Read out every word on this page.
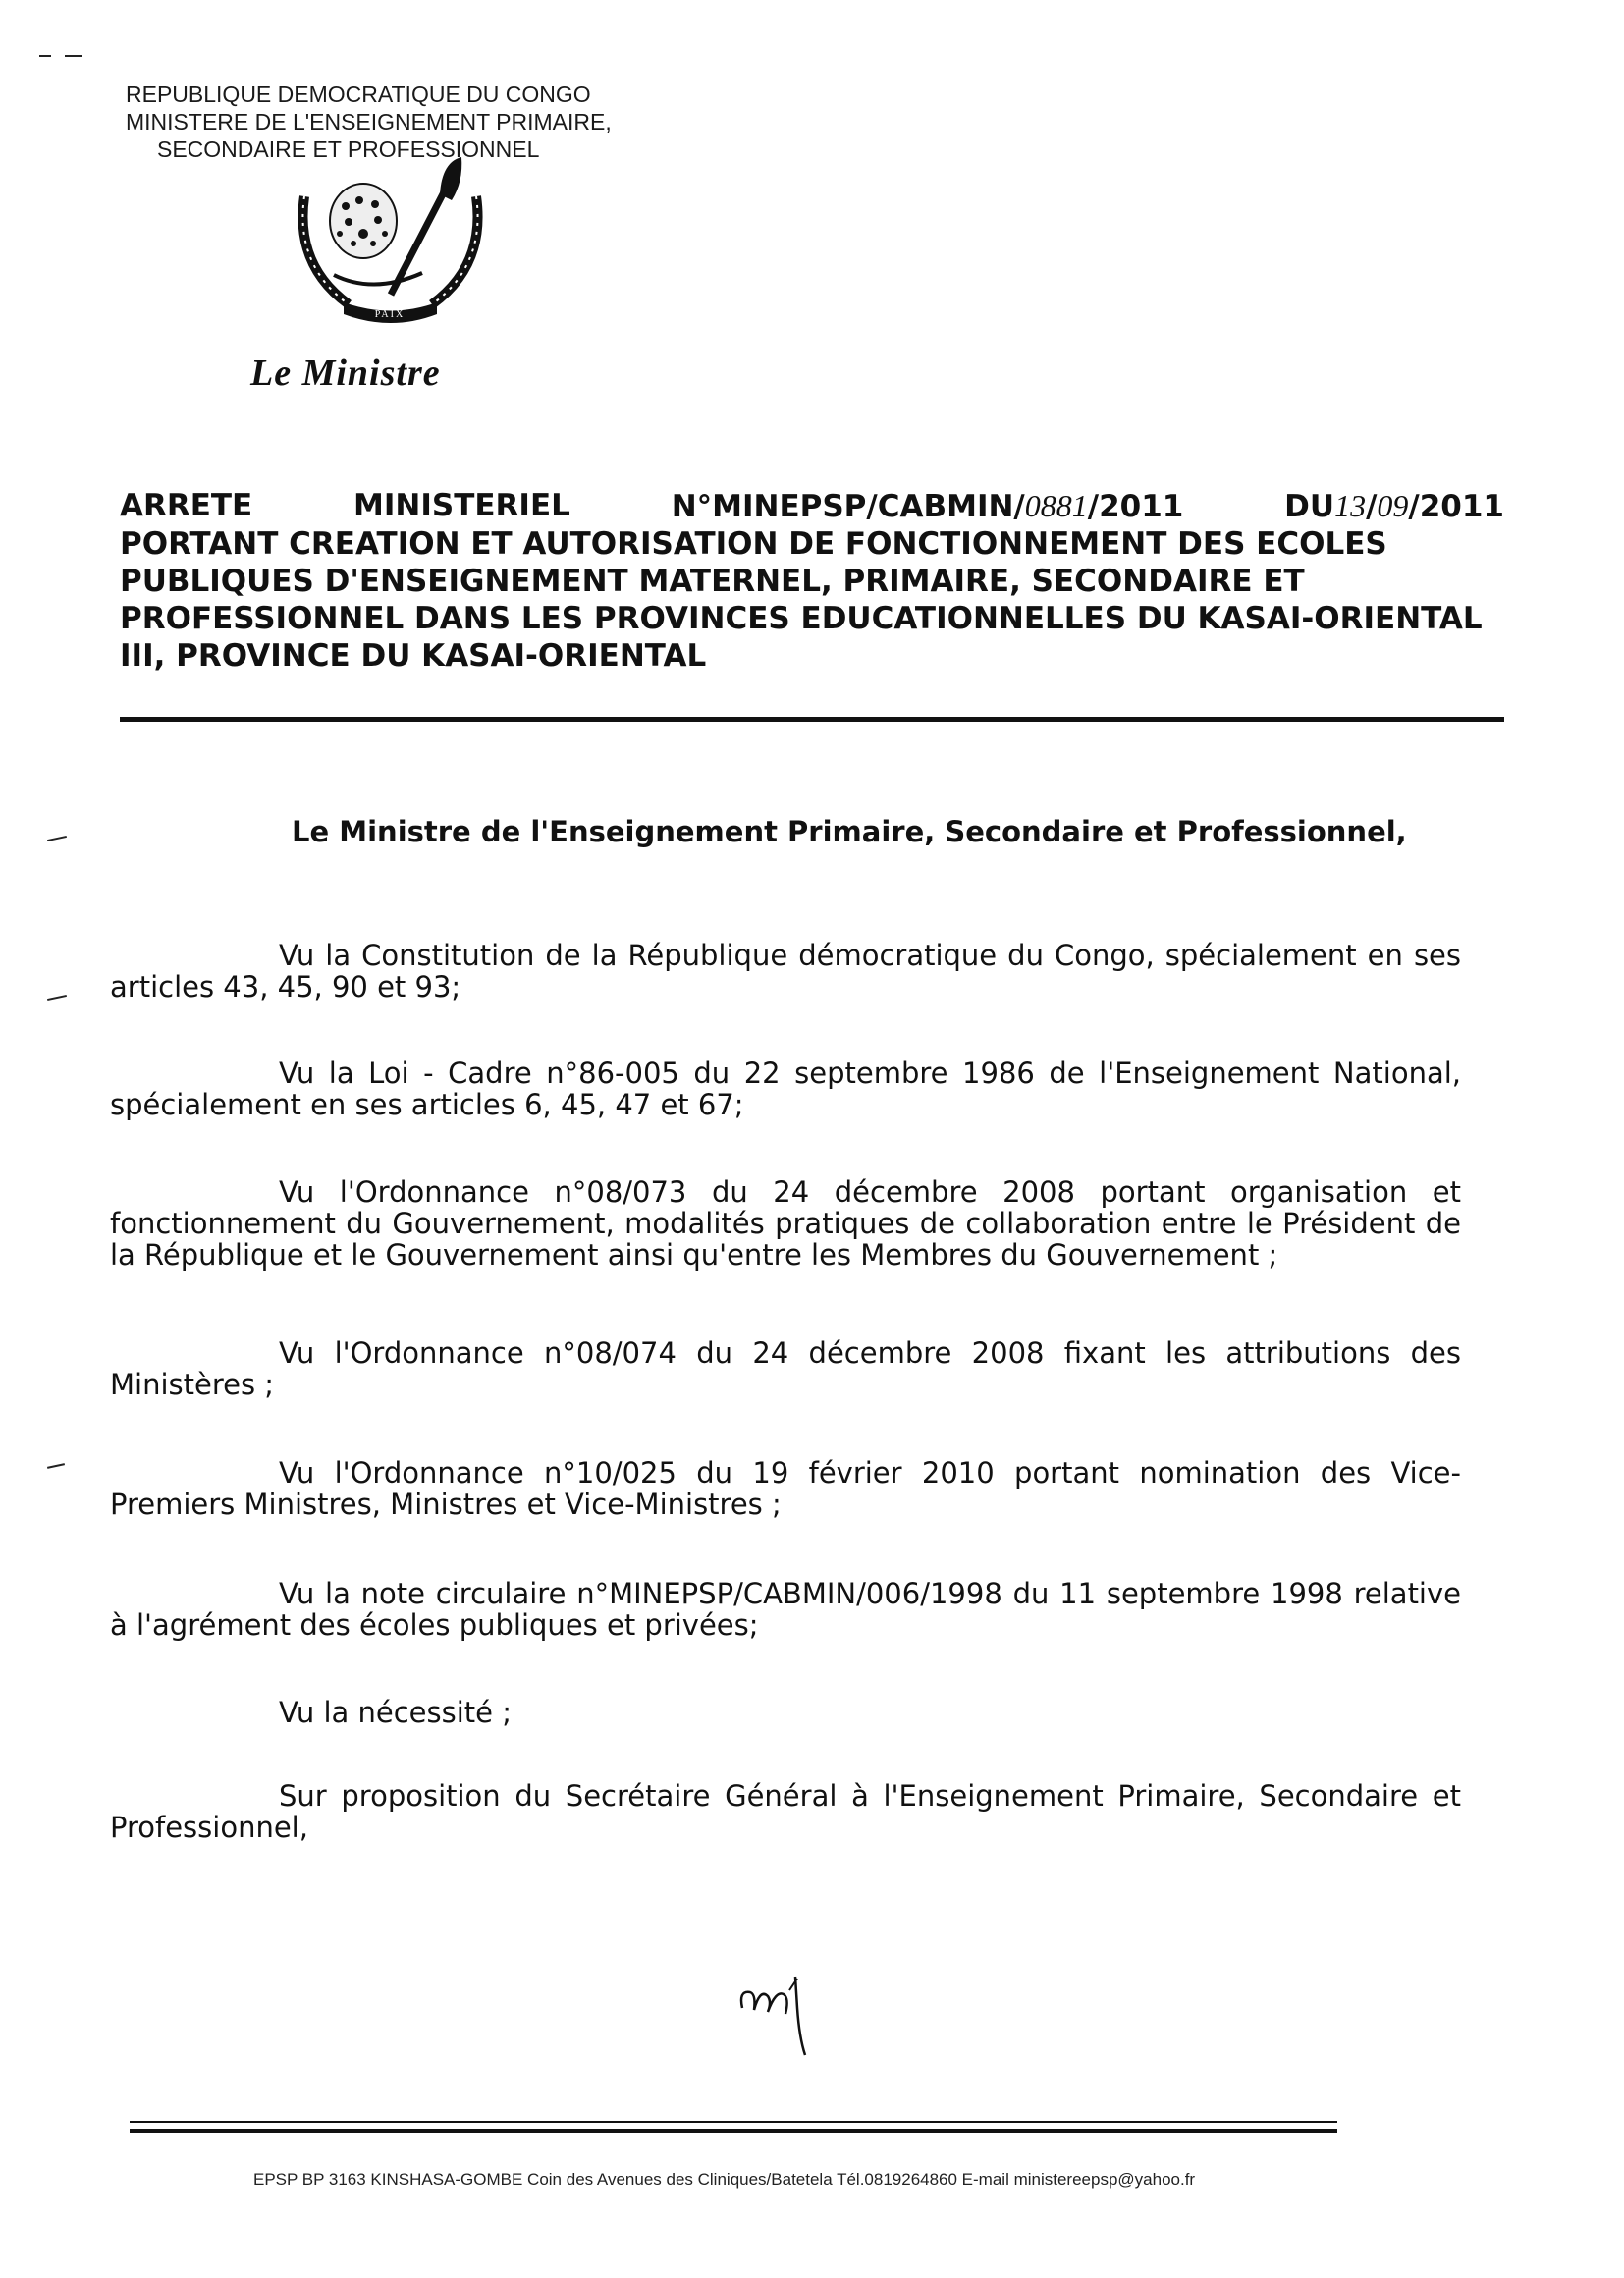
REPUBLIQUE DEMOCRATIQUE DU CONGO
MINISTERE DE L'ENSEIGNEMENT PRIMAIRE,
SECONDAIRE ET PROFESSIONNEL
PAIX
Le Ministre
ARRETE	MINISTERIEL	N°MINEPSP/CABMIN/0881/2011	DU13/09/2011
PORTANT CREATION ET AUTORISATION DE FONCTIONNEMENT DES ECOLES
PUBLIQUES D'ENSEIGNEMENT MATERNEL, PRIMAIRE, SECONDAIRE ET
PROFESSIONNEL DANS LES PROVINCES EDUCATIONNELLES DU KASAI-ORIENTAL
III, PROVINCE DU KASAI-ORIENTAL
Le Ministre de l'Enseignement Primaire, Secondaire et Professionnel,
Vu la Constitution de la République démocratique du Congo, spécialement en ses articles 43, 45, 90 et 93;
Vu la Loi - Cadre n°86-005 du 22 septembre 1986 de l'Enseignement National, spécialement en ses articles 6, 45, 47 et 67;
Vu l'Ordonnance n°08/073 du 24 décembre 2008 portant organisation et fonctionnement du Gouvernement, modalités pratiques de collaboration entre le Président de la République et le Gouvernement ainsi qu'entre les Membres du Gouvernement ;
Vu l'Ordonnance n°08/074 du 24 décembre 2008 fixant les attributions des Ministères ;
Vu l'Ordonnance n°10/025 du 19 février 2010 portant nomination des Vice-Premiers Ministres, Ministres et Vice-Ministres ;
Vu la note circulaire n°MINEPSP/CABMIN/006/1998 du 11 septembre 1998 relative à l'agrément des écoles publiques et privées;
Vu la nécessité ;
Sur proposition du Secrétaire Général à l'Enseignement Primaire, Secondaire et Professionnel,
EPSP BP 3163 KINSHASA-GOMBE Coin des Avenues des Cliniques/Batetela Tél.0819264860 E-mail ministereepsp@yahoo.fr
